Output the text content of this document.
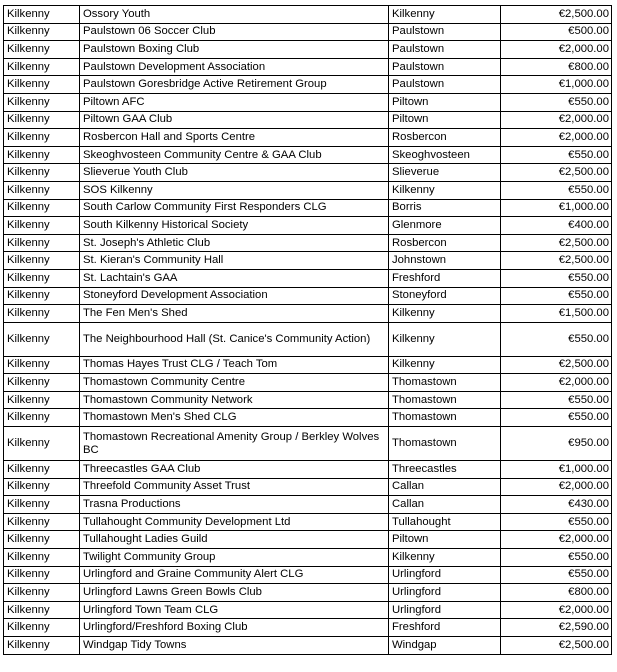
Kilkenny	Ossory Youth	Kilkenny	€2,500.00
Kilkenny	Paulstown 06 Soccer Club	Paulstown	€500.00
Kilkenny	Paulstown Boxing Club	Paulstown	€2,000.00
Kilkenny	Paulstown Development Association	Paulstown	€800.00
Kilkenny	Paulstown Goresbridge Active Retirement Group	Paulstown	€1,000.00
Kilkenny	Piltown AFC	Piltown	€550.00
Kilkenny	Piltown GAA Club	Piltown	€2,000.00
Kilkenny	Rosbercon Hall and Sports Centre	Rosbercon	€2,000.00
Kilkenny	Skeoghvosteen Community Centre & GAA Club	Skeoghvosteen	€550.00
Kilkenny	Slieverue Youth Club	Slieverue	€2,500.00
Kilkenny	SOS Kilkenny	Kilkenny	€550.00
Kilkenny	South Carlow Community First Responders CLG	Borris	€1,000.00
Kilkenny	South Kilkenny Historical Society	Glenmore	€400.00
Kilkenny	St. Joseph's Athletic Club	Rosbercon	€2,500.00
Kilkenny	St. Kieran's Community Hall	Johnstown	€2,500.00
Kilkenny	St. Lachtain's GAA	Freshford	€550.00
Kilkenny	Stoneyford Development Association	Stoneyford	€550.00
Kilkenny	The Fen Men's Shed	Kilkenny	€1,500.00
Kilkenny	The Neighbourhood Hall (St. Canice's Community Action)	Kilkenny	€550.00
Kilkenny	Thomas Hayes Trust CLG / Teach Tom	Kilkenny	€2,500.00
Kilkenny	Thomastown Community Centre	Thomastown	€2,000.00
Kilkenny	Thomastown Community Network	Thomastown	€550.00
Kilkenny	Thomastown Men's Shed CLG	Thomastown	€550.00
Kilkenny	Thomastown Recreational Amenity Group / Berkley Wolves BC	Thomastown	€950.00
Kilkenny	Threecastles GAA Club	Threecastles	€1,000.00
Kilkenny	Threefold Community Asset Trust	Callan	€2,000.00
Kilkenny	Trasna Productions	Callan	€430.00
Kilkenny	Tullahought Community Development Ltd	Tullahought	€550.00
Kilkenny	Tullahought Ladies Guild	Piltown	€2,000.00
Kilkenny	Twilight Community Group	Kilkenny	€550.00
Kilkenny	Urlingford and Graine Community Alert CLG	Urlingford	€550.00
Kilkenny	Urlingford Lawns Green Bowls Club	Urlingford	€800.00
Kilkenny	Urlingford Town Team CLG	Urlingford	€2,000.00
Kilkenny	Urlingford/Freshford Boxing Club	Freshford	€2,590.00
Kilkenny	Windgap Tidy Towns	Windgap	€2,500.00
